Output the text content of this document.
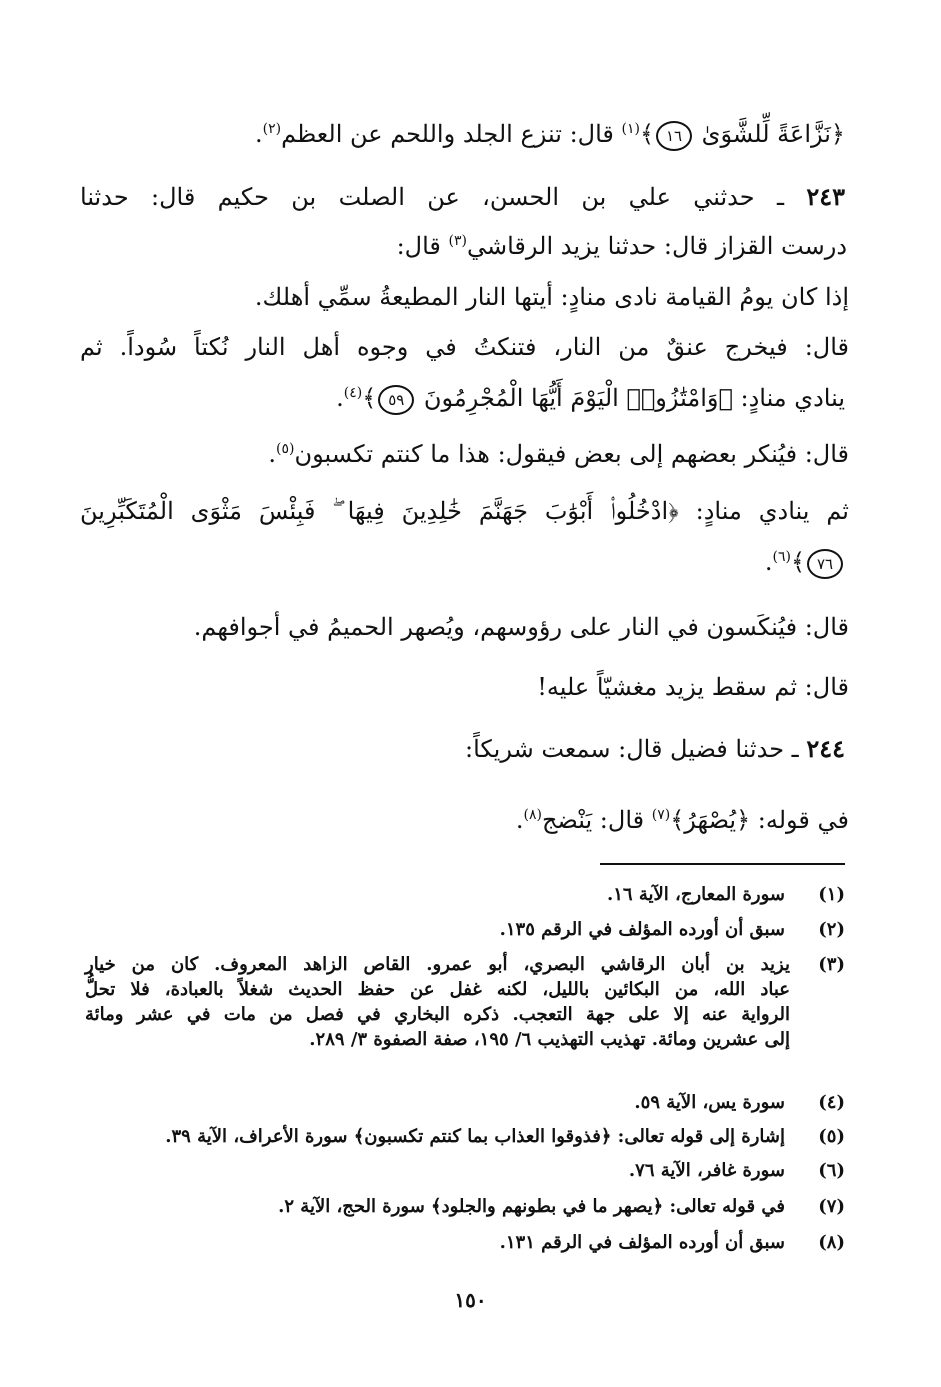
﴿نَزَّاعَةً لِّلشَّوَىٰ ١٦﴾$^{(١)}$ قال: تنزع الجلد واللحم عن العظم$^{(٢)}$.
٢٤٣ ـ حدثني علي بن الحسن، عن الصلت بن حكيم قال: حدثنا
درست القزاز قال: حدثنا يزيد الرقاشي$^{(٣)}$ قال:
إذا كان يومُ القيامة نادى منادٍ: أيتها النار المطيعةُ سمِّي أهلك.
قال: فيخرج عنقٌ من النار، فتنكتُ في وجوه أهل النار نُكتاً سُوداً. ثم
ينادي منادٍ: ﴿وَامْتَٰزُوا۟ الْيَوْمَ أَيُّهَا الْمُجْرِمُونَ ٥٩﴾$^{(٤)}$.
قال: فيُنكر بعضهم إلى بعض فيقول: هذا ما كنتم تكسبون$^{(٥)}$.
ثم ينادي منادٍ: ﴿ادْخُلُوا۟ أَبْوَٰبَ جَهَنَّمَ خَٰلِدِينَ فِيهَا ۖ فَبِئْسَ مَثْوَى الْمُتَكَبِّرِينَ
٧٦﴾$^{(٦)}$.
قال: فيُنكَسون في النار على رؤوسهم، ويُصهر الحميمُ في أجوافهم.
قال: ثم سقط يزيد مغشيّاً عليه!
٢٤٤ ـ حدثنا فضيل قال: سمعت شريكاً:
في قوله: ﴿يُصْهَرُ﴾$^{(٧)}$ قال: يَنْضج$^{(٨)}$.
(١)
سورة المعارج، الآية ١٦.
(٢)
سبق أن أورده المؤلف في الرقم ١٣٥.
(٣)
يزيد بن أبان الرقاشي البصري، أبو عمرو. القاص الزاهد المعروف. كان من خيار
عباد الله، من البكائين بالليل، لكنه غفل عن حفظ الحديث شغلاً بالعبادة، فلا تحلُّ
الرواية عنه إلا على جهة التعجب. ذكره البخاري في فصل من مات في عشر ومائة
إلى عشرين ومائة. تهذيب التهذيب ٦/ ١٩٥، صفة الصفوة ٣/ ٢٨٩.
(٤)
سورة يس، الآية ٥٩.
(٥)
إشارة إلى قوله تعالى: ﴿فذوقوا العذاب بما كنتم تكسبون﴾ سورة الأعراف، الآية ٣٩.
(٦)
سورة غافر، الآية ٧٦.
(٧)
في قوله تعالى: ﴿يصهر ما في بطونهم والجلود﴾ سورة الحج، الآية ٢.
(٨)
سبق أن أورده المؤلف في الرقم ١٣١.
١٥٠
